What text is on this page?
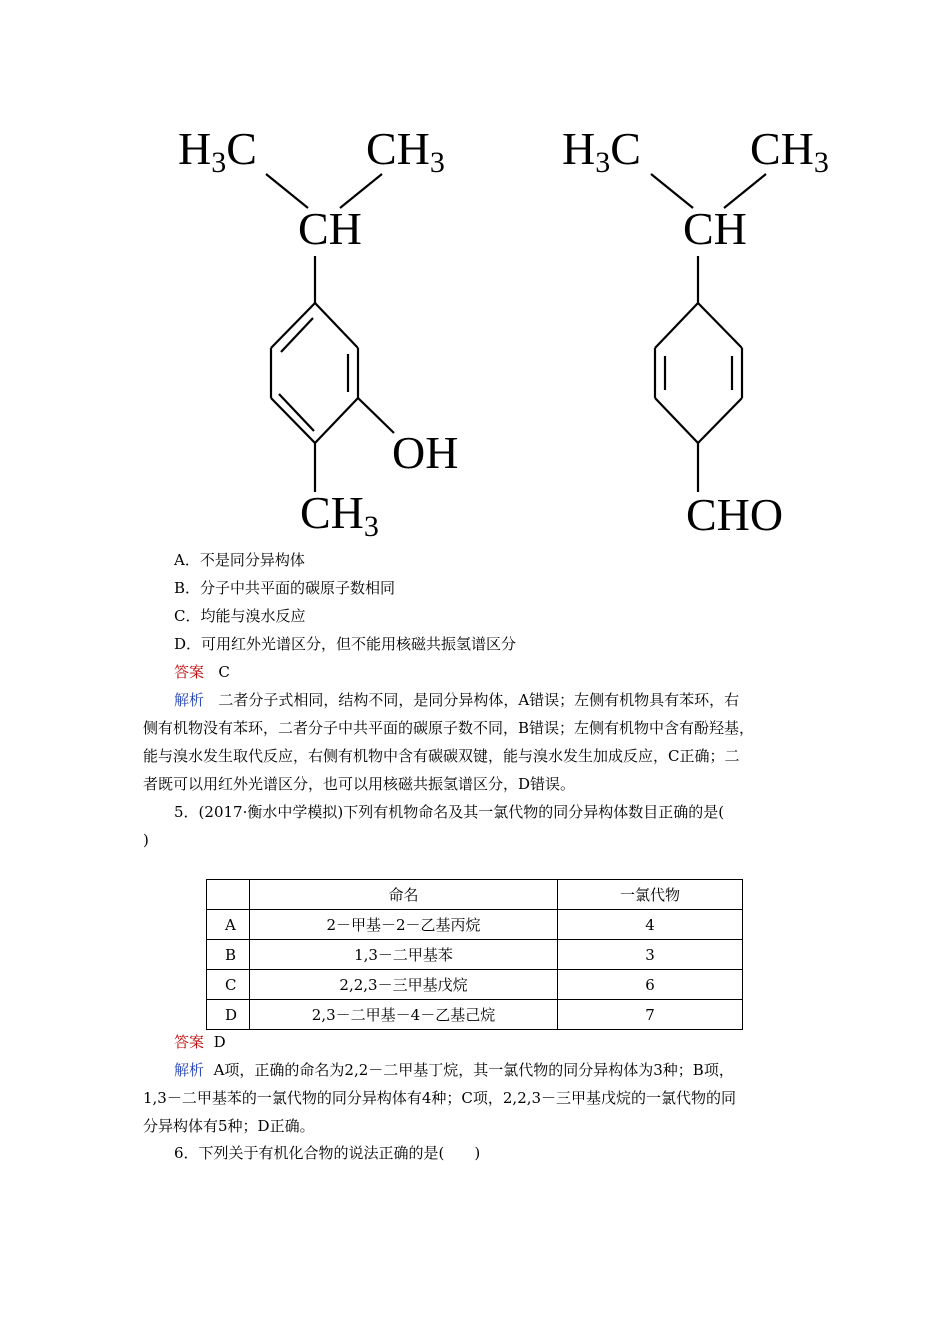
H3C CH3
CH
OH
CH3
H3C CH3
CH
CHO
A．不是同分异构体
B．分子中共平面的碳原子数相同
C．均能与溴水反应
D．可用红外光谱区分，但不能用核磁共振氢谱区分
答案 C
解析 二者分子式相同，结构不同，是同分异构体，A错误；左侧有机物具有苯环，右
侧有机物没有苯环，二者分子中共平面的碳原子数不同，B错误；左侧有机物中含有酚羟基，
能与溴水发生取代反应，右侧有机物中含有碳碳双键，能与溴水发生加成反应，C正确；二
者既可以用红外光谱区分，也可以用核磁共振氢谱区分，D错误。
5．(2017·衡水中学模拟)下列有机物命名及其一氯代物的同分异构体数目正确的是(
)
	命名	一氯代物
A	2－甲基－2－乙基丙烷	4
B	1,3－二甲基苯	3
C	2,2,3－三甲基戊烷	6
D	2,3－二甲基－4－乙基己烷	7
答案 D
解析 A项，正确的命名为2,2－二甲基丁烷，其一氯代物的同分异构体为3种；B项，
1,3－二甲基苯的一氯代物的同分异构体有4种；C项，2,2,3－三甲基戊烷的一氯代物的同
分异构体有5种；D正确。
6．下列关于有机化合物的说法正确的是(　　)
